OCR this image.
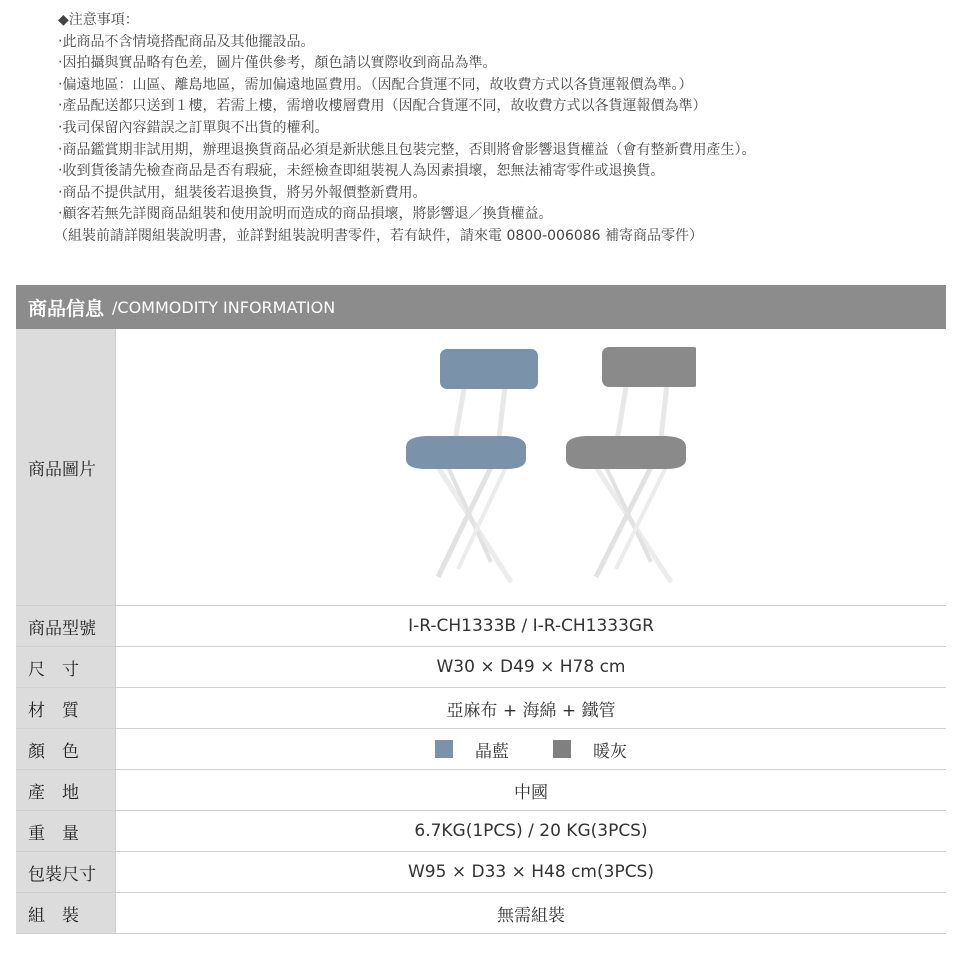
◆注意事項：
‧此商品不含情境搭配商品及其他擺設品。
‧因拍攝與實品略有色差，圖片僅供參考，顏色請以實際收到商品為準。
‧偏遠地區：山區、離島地區，需加偏遠地區費用。（因配合貨運不同，故收費方式以各貨運報價為準。）
‧產品配送都只送到１樓，若需上樓，需增收樓層費用（因配合貨運不同，故收費方式以各貨運報價為準）
‧我司保留內容錯誤之訂單與不出貨的權利。
‧商品鑑賞期非試用期，辦理退換貨商品必須是新狀態且包裝完整，否則將會影響退貨權益（會有整新費用產生）。
‧收到貨後請先檢查商品是否有瑕疵，未經檢查即組裝視人為因素損壞，恕無法補寄零件或退換貨。
‧商品不提供試用，組裝後若退換貨，將另外報價整新費用。
‧顧客若無先詳閱商品組裝和使用說明而造成的商品損壞，將影響退／換貨權益。
（組裝前請詳閱組裝說明書，並詳對組裝說明書零件，若有缺件，請來電 0800-006086 補寄商品零件）
商品信息 /COMMODITY INFORMATION
商品圖片
商品型號	I-R-CH1333B / I-R-CH1333GR
尺　寸	W30 × D49 × H78 cm
材　質	亞麻布 + 海綿 + 鐵管
顏　色	晶藍	暖灰
產　地	中國
重　量	6.7KG(1PCS) / 20 KG(3PCS)
包裝尺寸	W95 × D33 × H48 cm(3PCS)
組　裝	無需組裝
